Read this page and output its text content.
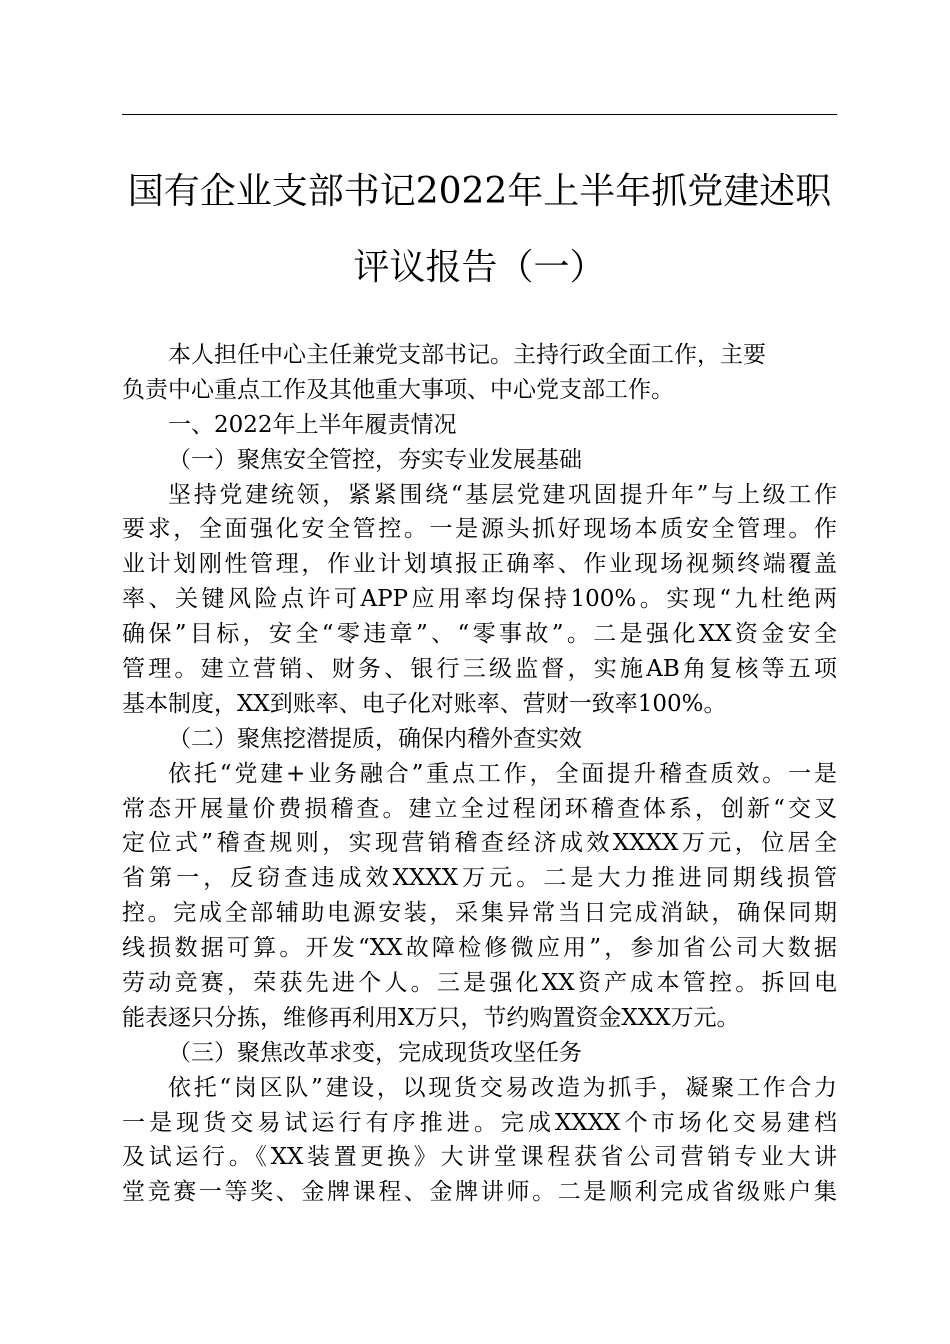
国有企业支部书记2022年上半年抓党建述职
评议报告（一）
本人担任中心主任兼党支部书记。主持行政全面工作，主要
负责中心重点工作及其他重大事项、中心党支部工作。
一、2022年上半年履责情况
（一）聚焦安全管控，夯实专业发展基础
坚持党建统领，紧紧围绕“基层党建巩固提升年”与上级工作
要求，全面强化安全管控。一是源头抓好现场本质安全管理。作
业计划刚性管理，作业计划填报正确率、作业现场视频终端覆盖
率、关键风险点许可APP应用率均保持100%。实现“九杜绝两
确保”目标，安全“零违章”、“零事故”。二是强化XX资金安全
管理。建立营销、财务、银行三级监督，实施AB角复核等五项
基本制度，XX到账率、电子化对账率、营财一致率100%。
（二）聚焦挖潜提质，确保内稽外查实效
依托“党建+业务融合”重点工作，全面提升稽查质效。一是
常态开展量价费损稽查。建立全过程闭环稽查体系，创新“交叉
定位式”稽查规则，实现营销稽查经济成效XXXX万元，位居全
省第一，反窃查违成效XXXX万元。二是大力推进同期线损管
控。完成全部辅助电源安装，采集异常当日完成消缺，确保同期
线损数据可算。开发“XX故障检修微应用”，参加省公司大数据
劳动竞赛，荣获先进个人。三是强化XX资产成本管控。拆回电
能表逐只分拣，维修再利用X万只，节约购置资金XXX万元。
（三）聚焦改革求变，完成现货攻坚任务
依托“岗区队”建设，以现货交易改造为抓手，凝聚工作合力
一是现货交易试运行有序推进。完成XXXX个市场化交易建档
及试运行。《XX装置更换》大讲堂课程获省公司营销专业大讲
堂竞赛一等奖、金牌课程、金牌讲师。二是顺利完成省级账户集
